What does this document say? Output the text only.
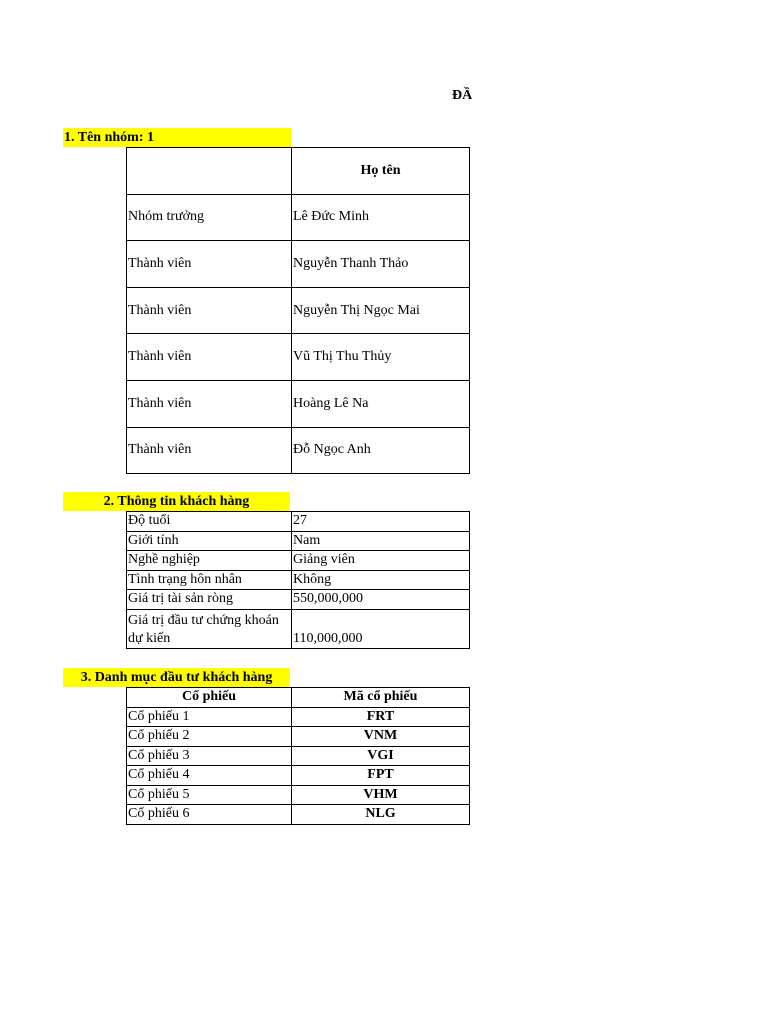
ĐẦ
1. Tên nhóm: 1
	Họ tên
Nhóm trưởng	Lê Đức Minh
Thành viên	Nguyễn Thanh Thảo
Thành viên	Nguyễn Thị Ngọc Mai
Thành viên	Vũ Thị Thu Thủy
Thành viên	Hoàng Lê Na
Thành viên	Đỗ Ngọc Anh
2. Thông tin khách hàng
Độ tuổi	27
Giới tính	Nam
Nghề nghiệp	Giảng viên
Tình trạng hôn nhân	Không
Giá trị tài sản ròng	550,000,000
Giá trị đầu tư chứng khoán dự kiến	110,000,000
3. Danh mục đầu tư khách hàng
Cổ phiếu	Mã cổ phiếu
Cổ phiếu 1	FRT
Cổ phiếu 2	VNM
Cổ phiếu 3	VGI
Cổ phiếu 4	FPT
Cổ phiếu 5	VHM
Cổ phiếu 6	NLG
